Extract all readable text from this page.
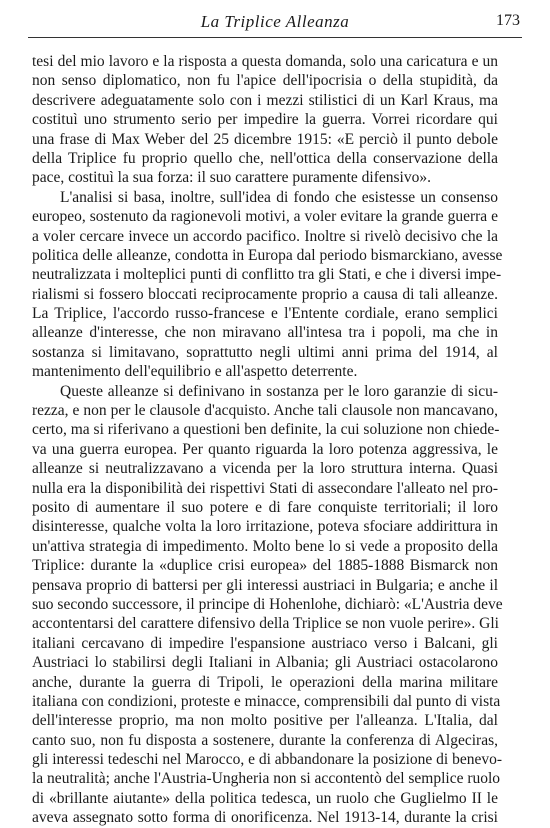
La Triplice Alleanza	173
tesi del mio lavoro e la risposta a questa domanda, solo una caricatura e un
non senso diplomatico, non fu l'apice dell'ipocrisia o della stupidità, da
descrivere adeguatamente solo con i mezzi stilistici di un Karl Kraus, ma
costituì uno strumento serio per impedire la guerra. Vorrei ricordare qui
una frase di Max Weber del 25 dicembre 1915: «E perciò il punto debole
della Triplice fu proprio quello che, nell'ottica della conservazione della
pace, costituì la sua forza: il suo carattere puramente difensivo».
L'analisi si basa, inoltre, sull'idea di fondo che esistesse un consenso
europeo, sostenuto da ragionevoli motivi, a voler evitare la grande guerra e
a voler cercare invece un accordo pacifico. Inoltre si rivelò decisivo che la
politica delle alleanze, condotta in Europa dal periodo bismarckiano, avesse
neutralizzata i molteplici punti di conflitto tra gli Stati, e che i diversi impe-
rialismi si fossero bloccati reciprocamente proprio a causa di tali alleanze.
La Triplice, l'accordo russo-francese e l'Entente cordiale, erano semplici
alleanze d'interesse, che non miravano all'intesa tra i popoli, ma che in
sostanza si limitavano, soprattutto negli ultimi anni prima del 1914, al
mantenimento dell'equilibrio e all'aspetto deterrente.
Queste alleanze si definivano in sostanza per le loro garanzie di sicu-
rezza, e non per le clausole d'acquisto. Anche tali clausole non mancavano,
certo, ma si riferivano a questioni ben definite, la cui soluzione non chiede-
va una guerra europea. Per quanto riguarda la loro potenza aggressiva, le
alleanze si neutralizzavano a vicenda per la loro struttura interna. Quasi
nulla era la disponibilità dei rispettivi Stati di assecondare l'alleato nel pro-
posito di aumentare il suo potere e di fare conquiste territoriali; il loro
disinteresse, qualche volta la loro irritazione, poteva sfociare addirittura in
un'attiva strategia di impedimento. Molto bene lo si vede a proposito della
Triplice: durante la «duplice crisi europea» del 1885-1888 Bismarck non
pensava proprio di battersi per gli interessi austriaci in Bulgaria; e anche il
suo secondo successore, il principe di Hohenlohe, dichiarò: «L'Austria deve
accontentarsi del carattere difensivo della Triplice se non vuole perire». Gli
italiani cercavano di impedire l'espansione austriaco verso i Balcani, gli
Austriaci lo stabilirsi degli Italiani in Albania; gli Austriaci ostacolarono
anche, durante la guerra di Tripoli, le operazioni della marina militare
italiana con condizioni, proteste e minacce, comprensibili dal punto di vista
dell'interesse proprio, ma non molto positive per l'alleanza. L'Italia, dal
canto suo, non fu disposta a sostenere, durante la conferenza di Algeciras,
gli interessi tedeschi nel Marocco, e di abbandonare la posizione di benevo-
la neutralità; anche l'Austria-Ungheria non si accontentò del semplice ruolo
di «brillante aiutante» della politica tedesca, un ruolo che Guglielmo II le
aveva assegnato sotto forma di onorificenza. Nel 1913-14, durante la crisi
